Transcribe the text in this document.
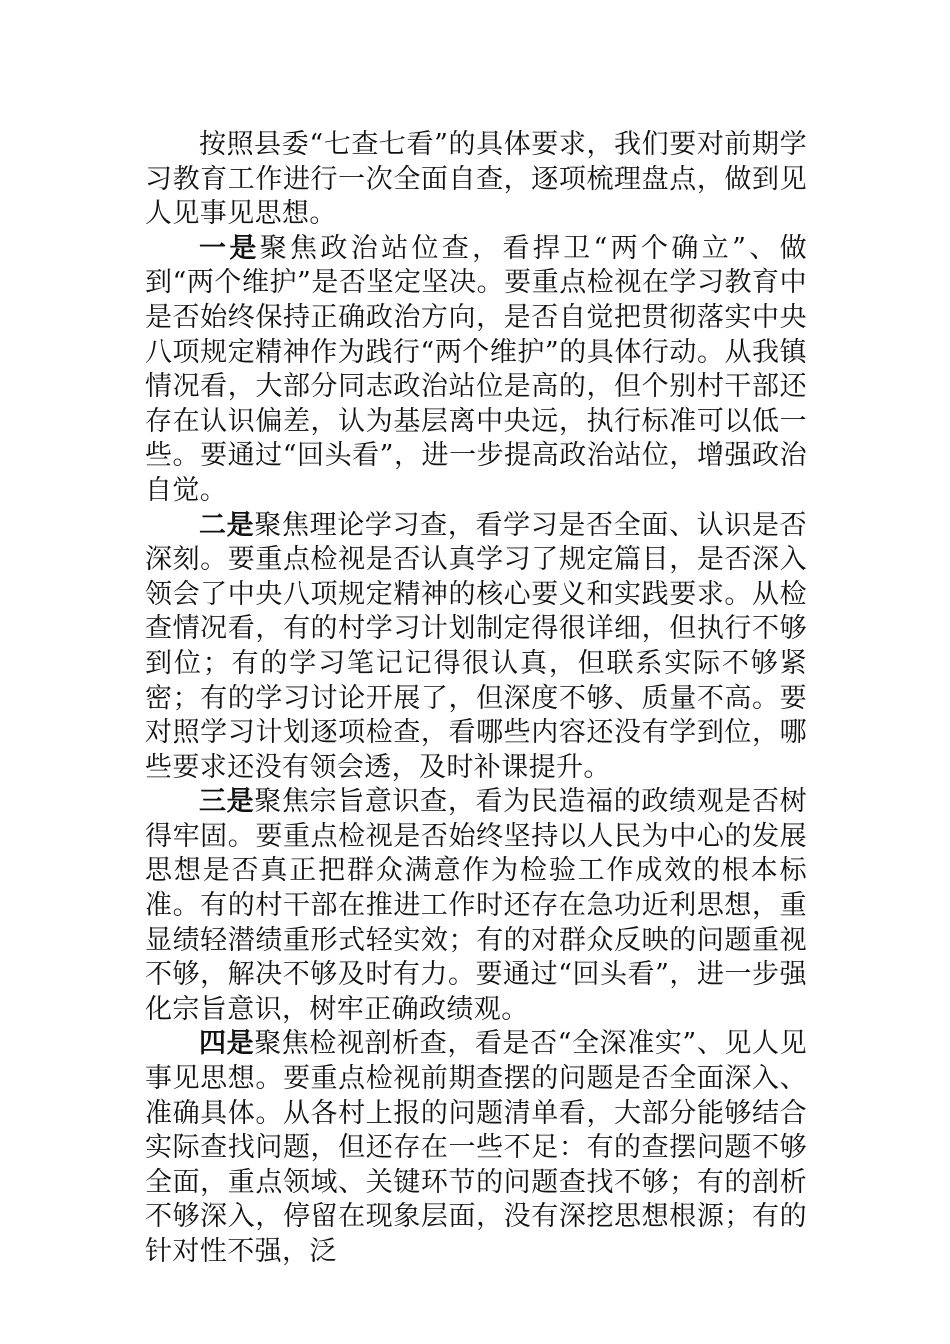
按照县委“七查七看”的具体要求，我们要对前期学习教育工作进行一次全面自查，逐项梳理盘点，做到见人见事见思想。

一是聚焦政治站位查，看捍卫“两个确立”、做到“两个维护”是否坚定坚决。要重点检视在学习教育中是否始终保持正确政治方向，是否自觉把贯彻落实中央八项规定精神作为践行“两个维护”的具体行动。从我镇情况看，大部分同志政治站位是高的，但个别村干部还存在认识偏差，认为基层离中央远，执行标准可以低一些。要通过“回头看”，进一步提高政治站位，增强政治自觉。

二是聚焦理论学习查，看学习是否全面、认识是否深刻。要重点检视是否认真学习了规定篇目，是否深入领会了中央八项规定精神的核心要义和实践要求。从检查情况看，有的村学习计划制定得很详细，但执行不够到位；有的学习笔记记得很认真，但联系实际不够紧密；有的学习讨论开展了，但深度不够、质量不高。要对照学习计划逐项检查，看哪些内容还没有学到位，哪些要求还没有领会透，及时补课提升。

三是聚焦宗旨意识查，看为民造福的政绩观是否树得牢固。要重点检视是否始终坚持以人民为中心的发展思想是否真正把群众满意作为检验工作成效的根本标准。有的村干部在推进工作时还存在急功近利思想，重显绩轻潜绩重形式轻实效；有的对群众反映的问题重视不够，解决不够及时有力。要通过“回头看”，进一步强化宗旨意识，树牢正确政绩观。

四是聚焦检视剖析查，看是否“全深准实”、见人见事见思想。要重点检视前期查摆的问题是否全面深入、准确具体。从各村上报的问题清单看，大部分能够结合实际查找问题，但还存在一些不足：有的查摆问题不够全面，重点领域、关键环节的问题查找不够；有的剖析不够深入，停留在现象层面，没有深挖思想根源；有的针对性不强，泛
